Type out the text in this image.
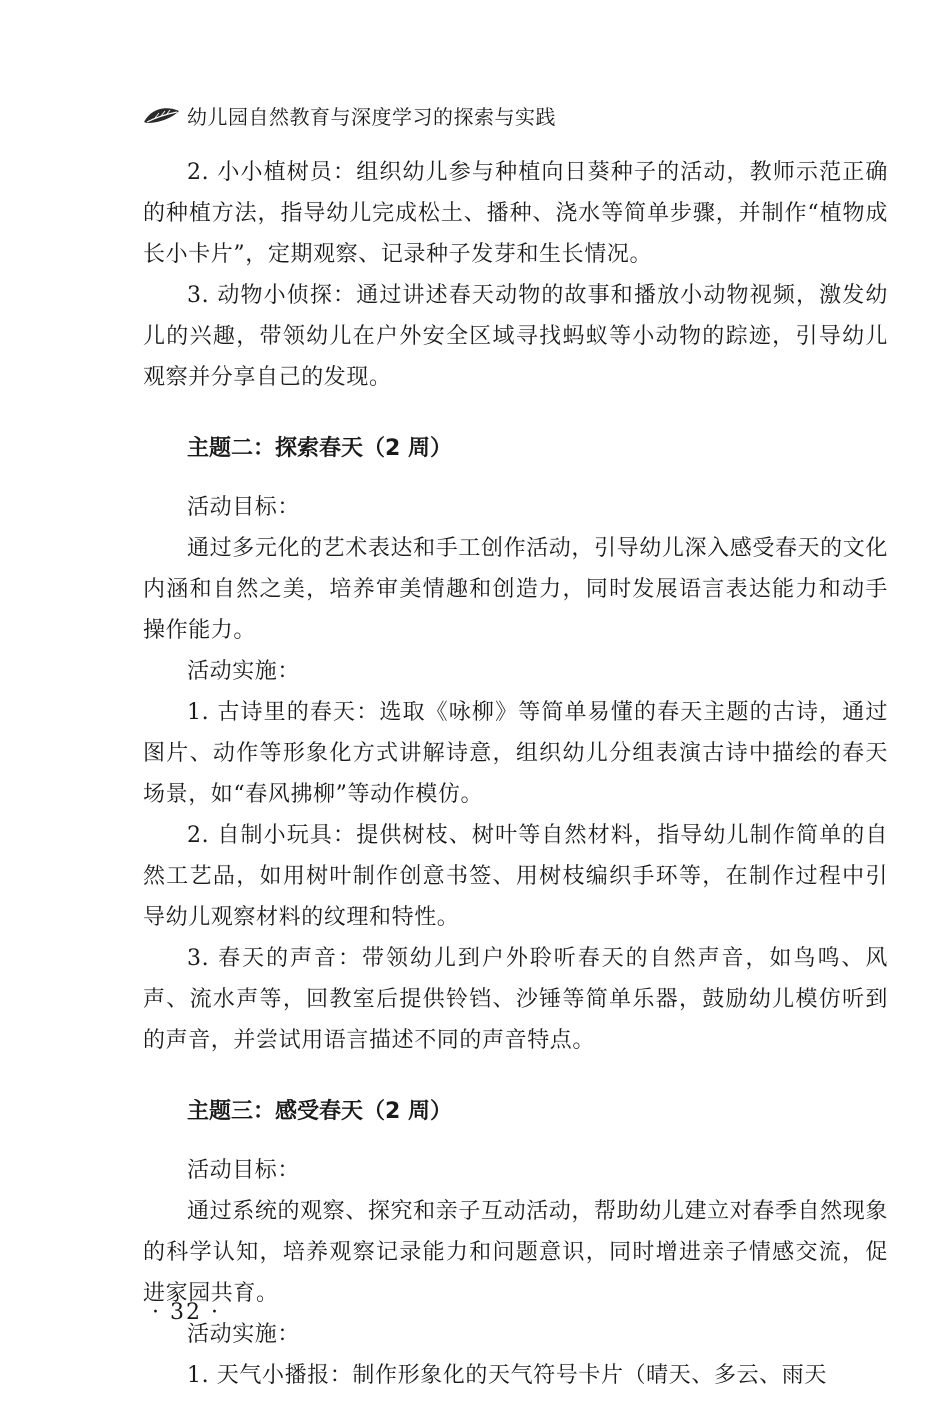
幼儿园自然教育与深度学习的探索与实践

2. 小小植树员：组织幼儿参与种植向日葵种子的活动，教师示范正确的种植方法，指导幼儿完成松土、播种、浇水等简单步骤，并制作“植物成长小卡片”，定期观察、记录种子发芽和生长情况。

3. 动物小侦探：通过讲述春天动物的故事和播放小动物视频，激发幼儿的兴趣，带领幼儿在户外安全区域寻找蚂蚁等小动物的踪迹，引导幼儿观察并分享自己的发现。

主题二：探索春天（2 周）

活动目标：

通过多元化的艺术表达和手工创作活动，引导幼儿深入感受春天的文化内涵和自然之美，培养审美情趣和创造力，同时发展语言表达能力和动手操作能力。

活动实施：

1. 古诗里的春天：选取《咏柳》等简单易懂的春天主题的古诗，通过图片、动作等形象化方式讲解诗意，组织幼儿分组表演古诗中描绘的春天场景，如“春风拂柳”等动作模仿。

2. 自制小玩具：提供树枝、树叶等自然材料，指导幼儿制作简单的自然工艺品，如用树叶制作创意书签、用树枝编织手环等，在制作过程中引导幼儿观察材料的纹理和特性。

3. 春天的声音：带领幼儿到户外聆听春天的自然声音，如鸟鸣、风声、流水声等，回教室后提供铃铛、沙锤等简单乐器，鼓励幼儿模仿听到的声音，并尝试用语言描述不同的声音特点。

主题三：感受春天（2 周）

活动目标：

通过系统的观察、探究和亲子互动活动，帮助幼儿建立对春季自然现象的科学认知，培养观察记录能力和问题意识，同时增进亲子情感交流，促进家园共育。

活动实施：

1. 天气小播报：制作形象化的天气符号卡片（晴天、多云、雨天

· 32 ·
